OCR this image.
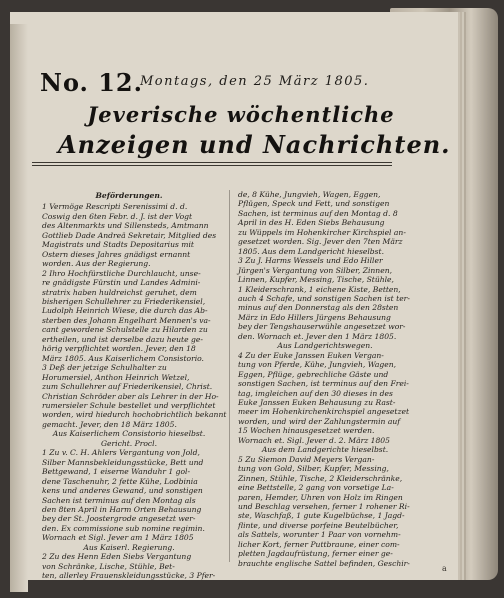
No. 12.
Montags, den 25 März 1805.
Jeverische wöchentliche
Anzeigen und Nachrichten.

Beförderungen.

1 Vermöge Rescripti Serenissimi d. d.

Coswig den 6ten Febr. d. J. ist der Vogt

des Altenmarkts und Sillensteds, Amtmann

Gottlieb Dade Andreä Sekretair, Mitglied des

Magistrats und Stadts Depositarius mit

Ostern dieses Jahres gnädigst ernannt

worden. Aus der Regierung.

2 Ihro Hochfürstliche Durchlaucht, unse-

re gnädigste Fürstin und Landes Admini-

stratrix haben huldreichst geruhet, dem

bisherigen Schullehrer zu Friederikensiel,

Ludolph Heinrich Wiese, die durch das Ab-

sterben des Johann Engelhart Mennen's va-

cant gewordene Schulstelle zu Hilarden zu

ertheilen, und ist derselbe dazu heute ge-

hörig verpflichtet worden. Jever, den 18

März 1805. Aus Kaiserlichem Consistorio.

3 Deß der jetzige Schulhalter zu

Horumersiel, Anthon Heinrich Wetzel,

zum Schullehrer auf Friederikensiel, Christ.

Christian Schröder aber als Lehrer in der Ho-

rumersieler Schule bestellet und verpflichtet

worden, wird hiedurch hochobrichtlich bekannt

gemacht. Jever, den 18 März 1805.

Aus Kaiserlichem Consistorio hieselbst.

Gericht. Procl.

1 Zu v. C. H. Ahlers Vergantung von Jold,

Silber Mannsbekleidungsstücke, Bett und

Bettgewand, 1 eiserne Wanduhr 1 gol-

dene Taschenuhr, 2 fette Kühe, Lodbinia

kens und anderes Gewand, und sonstigen

Sachen ist terminus auf den Montag als

den 8ten April in Harm Orten Behausung

bey der St. Joostergrode angesetzt wer-

den. Ex commissione sub nomine regimin.

Wornach et Sigl. Jever am 1 März 1805

Aus Kaiserl. Regierung.

2 Zu des Henn Eden Siebs Vergantung

von Schränke, Lische, Stühle, Bet-

ten, allerley Frauenskleidungsstücke, 3 Pfer-

de, 8 Kühe, Jungvieh, Wagen, Eggen,

Pflügen, Speck und Fett, und sonstigen

Sachen, ist terminus auf den Montag d. 8

April in des H. Eden Siebs Behausung

zu Wüppels im Hohenkircher Kirchspiel an-

gesetzet worden. Sig. Jever den 7ten März

1805. Aus dem Landgericht hieselbst.

3 Zu J. Harms Wessels und Edo Hiller

Jürgen's Vergantung von Silber, Zinnen,

Linnen, Kupfer, Messing, Tische, Stühle,

1 Kleiderschrank, 1 eichene Kiste, Betten,

auch 4 Schafe, und sonstigen Sachen ist ter-

minus auf den Donnerstag als den 28sten

März in Edo Hillers Jürgens Behausung

bey der Tengshauserwühle angesetzet wor-

den. Wornach et. Jever den 1 März 1805.

Aus Landgerichtswegen.

4 Zu der Euke Janssen Euken Vergan-

tung von Pferde, Kühe, Jungvieh, Wagen,

Eggen, Pflüge, gebrechliche Gäste und

sonstigen Sachen, ist terminus auf den Frei-

tag, imgleichen auf den 30 dieses in des

Euke Janssen Euken Behausung zu Rast-

meer im Hohenkirchenkirchspiel angesetzet

worden, und wird der Zahlungstermin auf

15 Wochen hinausgesetzet werden.

Wornach et. Sigl. Jever d. 2. März 1805

Aus dem Landgerichte hieselbst.

5 Zu Siemon David Meyers Vergan-

tung von Gold, Silber, Kupfer, Messing,

Zinnen, Stühle, Tische, 2 Kleiderschränke,

eine Bettstelle, 2 gang von vorsetige La-

paren, Hemder, Uhren von Holz im Ringen

und Beschlag versehen, ferner 1 rohener Ri-

ste, Waschfaß, 1 gute Kugelbüchse, 1 Jagd-

flinte, und diverse porfeine Beutelbücher,

als Sattels, worunter 1 Paar von vornehm-

licher Kort, ferner Puttbraune, einer com-

pletten Jagdaufrüstung, ferner einer ge-

brauchte englische Sattel befinden, Geschir-

a
